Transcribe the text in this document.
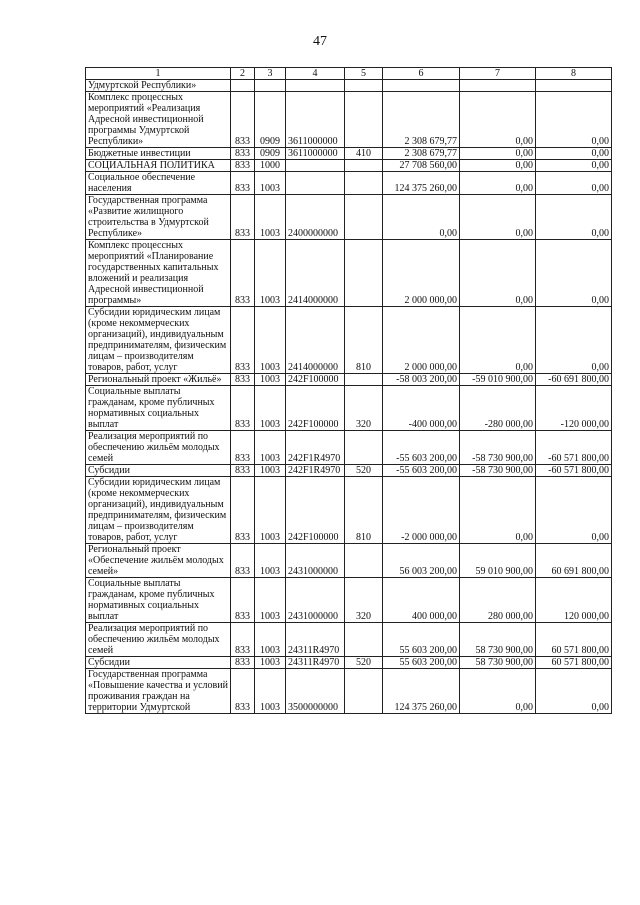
47
1	2	3	4	5	6	7	8
Удмуртской Республики»							
Комплекс процессных мероприятий «Реализация Адресной инвестиционной программы Удмуртской Республики»	833	0909	3611000000		2 308 679,77	0,00	0,00
Бюджетные инвестиции	833	0909	3611000000	410	2 308 679,77	0,00	0,00
СОЦИАЛЬНАЯ ПОЛИТИКА	833	1000			27 708 560,00	0,00	0,00
Социальное обеспечение населения	833	1003			124 375 260,00	0,00	0,00
Государственная программа «Развитие жилищного строительства в Удмуртской Республике»	833	1003	2400000000		0,00	0,00	0,00
Комплекс процессных мероприятий «Планирование государственных капитальных вложений и реализация Адресной инвестиционной программы»	833	1003	2414000000		2 000 000,00	0,00	0,00
Субсидии юридическим лицам (кроме некоммерческих организаций), индивидуальным предпринимателям, физическим лицам – производителям товаров, работ, услуг	833	1003	2414000000	810	2 000 000,00	0,00	0,00
Региональный проект «Жильё»	833	1003	242F100000		-58 003 200,00	-59 010 900,00	-60 691 800,00
Социальные выплаты гражданам, кроме публичных нормативных социальных выплат	833	1003	242F100000	320	-400 000,00	-280 000,00	-120 000,00
Реализация мероприятий по обеспечению жильём молодых семей	833	1003	242F1R4970		-55 603 200,00	-58 730 900,00	-60 571 800,00
Субсидии	833	1003	242F1R4970	520	-55 603 200,00	-58 730 900,00	-60 571 800,00
Субсидии юридическим лицам (кроме некоммерческих организаций), индивидуальным предпринимателям, физическим лицам – производителям товаров, работ, услуг	833	1003	242F100000	810	-2 000 000,00	0,00	0,00
Региональный проект «Обеспечение жильём молодых семей»	833	1003	2431000000		56 003 200,00	59 010 900,00	60 691 800,00
Социальные выплаты гражданам, кроме публичных нормативных социальных выплат	833	1003	2431000000	320	400 000,00	280 000,00	120 000,00
Реализация мероприятий по обеспечению жильём молодых семей	833	1003	24311R4970		55 603 200,00	58 730 900,00	60 571 800,00
Субсидии	833	1003	24311R4970	520	55 603 200,00	58 730 900,00	60 571 800,00
Государственная программа «Повышение качества и условий проживания граждан на территории Удмуртской	833	1003	3500000000		124 375 260,00	0,00	0,00
